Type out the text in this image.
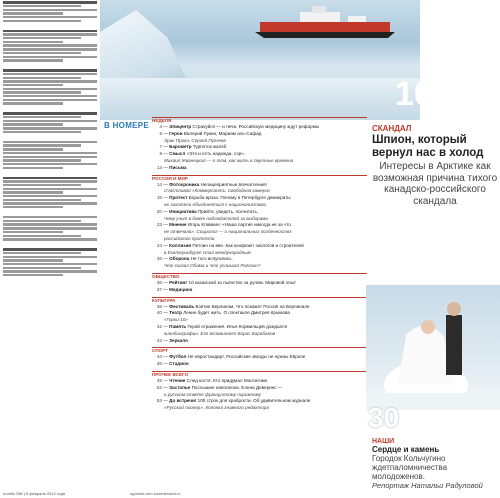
10
В НОМЕРЕ
НЕДЕЛЯ
4 — Эпицентр Страхуйся — и лечи. Российскую медицину ждут реформы
5 — Герои Валерий Лукин, Мариам аль-Сафар,
Эрик Провэ, Сергей Пугачев
7 — Барометр Турпоток жалеб
8 — Смысл «Это и есть надежда, сэр».
Михаил Жванецкий — о том, как жить в смутные времена
13 — Письма
РОССИЯ И МИР
14 — Фотохроника Нелицеприятные впечатления!
Счастливой «Коммерсантъ. Свободная камера»
18 — Протест Борьба вроза. Почему в Петербурге демократы
не захотели объединяться с националистами
20 — Инициатива Прийти, увидеть, посчитать.
Чему учит в дожке наблюдателей за выборами
23 — Мнение Игорь Клямкин: «Наша партия никогда не за что
не отвечала». Социолог — о национальных особенностях
российского протеста
24 — Коллизия Петлин на вве. Как конфликт экологов и строителей
в Екатеринбурге стал международным
26 — Оборона Не того испугались.
Что сказал Обама и что услышал Рогозин?
ОБЩЕСТВО
36 — Рейтинг 10 казахской за пьянство за рулем. Мировой опыт
37 — Медицина
КУЛЬТУРА
38 — Фестиваль Взятие Берлином. Что покажет Россия на Берлинале
40 — Театр Ленин будет жить. О спектакле Дмитрия Крымова
«Горки-10»
42 — Память Герой отражения. Илья Кормильцев дождался
кинобиографии. Его вспоминает Борис Барабанов
43 — Зеркало
СПОРТ
44 — Футбол Не евростандарт. Российские звезды не нужны Европе
46 — Стадион
ПРОЧЕЕ ВСЕГО
49 — Чтение След костя. Кто придумал Монтигомо
52 — Застолье Послышие наполеона. Елена Деверинс —
о русском ответе французскому пирожному
53 — До встречи! 100 строк для храбрости. Об удивительном журнале
«Русский пионер». Колонка главного редактора
СКАНДАЛ
Шпион, который вернул нас в холод
Интересы в Арктике как возможная причина тихого канадско-российского скандала
30
НАШИ
Сердце и камень
Городок Кольчугино ждетпаломничества молодоженов.
Репортаж Натальи Радуловой
огонёк №5 | 6 февраля 2012 года	ogoniok.com kommersant.ru
